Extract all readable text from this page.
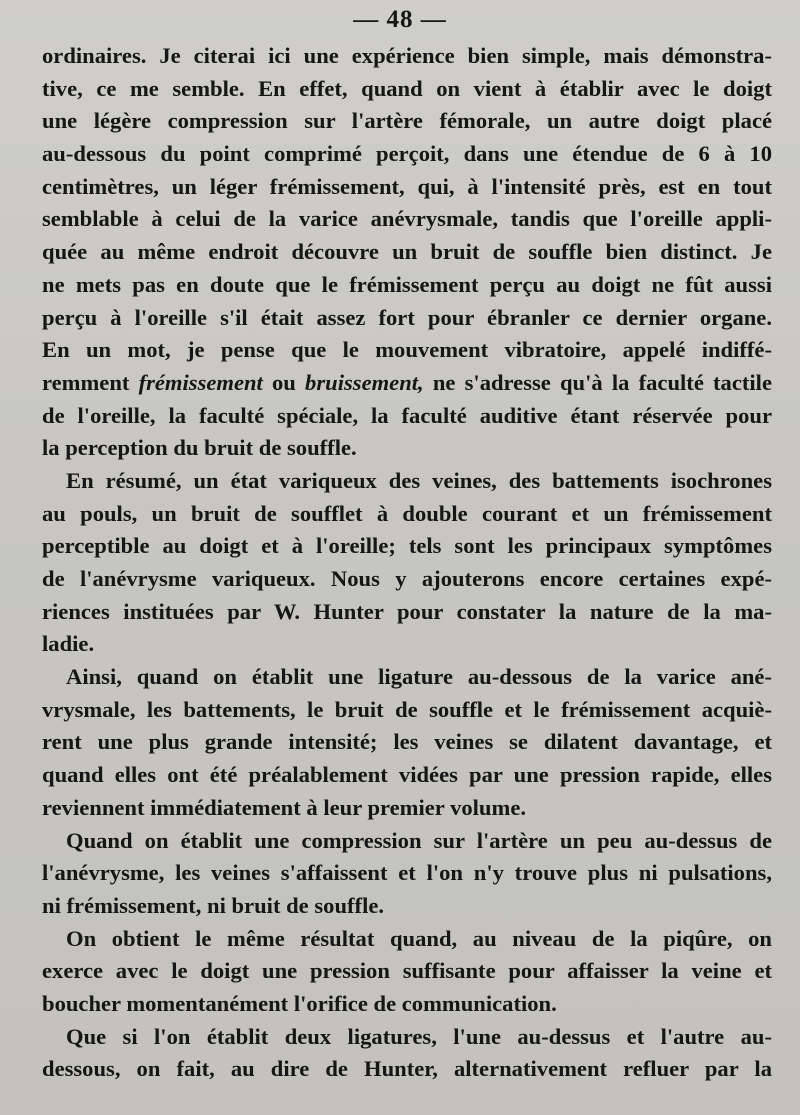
— 48 —
ordinaires. Je citerai ici une expérience bien simple, mais démonstra-
tive, ce me semble. En effet, quand on vient à établir avec le doigt
une légère compression sur l'artère fémorale, un autre doigt placé
au-dessous du point comprimé perçoit, dans une étendue de 6 à 10
centimètres, un léger frémissement, qui, à l'intensité près, est en tout
semblable à celui de la varice anévrysmale, tandis que l'oreille appli-
quée au même endroit découvre un bruit de souffle bien distinct. Je
ne mets pas en doute que le frémissement perçu au doigt ne fût aussi
perçu à l'oreille s'il était assez fort pour ébranler ce dernier organe.
En un mot, je pense que le mouvement vibratoire, appelé indiffé-
remment frémissement ou bruissement, ne s'adresse qu'à la faculté tactile
de l'oreille, la faculté spéciale, la faculté auditive étant réservée pour
la perception du bruit de souffle.
En résumé, un état variqueux des veines, des battements isochrones
au pouls, un bruit de soufflet à double courant et un frémissement
perceptible au doigt et à l'oreille; tels sont les principaux symptômes
de l'anévrysme variqueux. Nous y ajouterons encore certaines expé-
riences instituées par W. Hunter pour constater la nature de la ma-
ladie.
Ainsi, quand on établit une ligature au-dessous de la varice ané-
vrysmale, les battements, le bruit de souffle et le frémissement acquiè-
rent une plus grande intensité; les veines se dilatent davantage, et
quand elles ont été préalablement vidées par une pression rapide, elles
reviennent immédiatement à leur premier volume.
Quand on établit une compression sur l'artère un peu au-dessus de
l'anévrysme, les veines s'affaissent et l'on n'y trouve plus ni pulsations,
ni frémissement, ni bruit de souffle.
On obtient le même résultat quand, au niveau de la piqûre, on
exerce avec le doigt une pression suffisante pour affaisser la veine et
boucher momentanément l'orifice de communication.
Que si l'on établit deux ligatures, l'une au-dessus et l'autre au-
dessous, on fait, au dire de Hunter, alternativement refluer par la
